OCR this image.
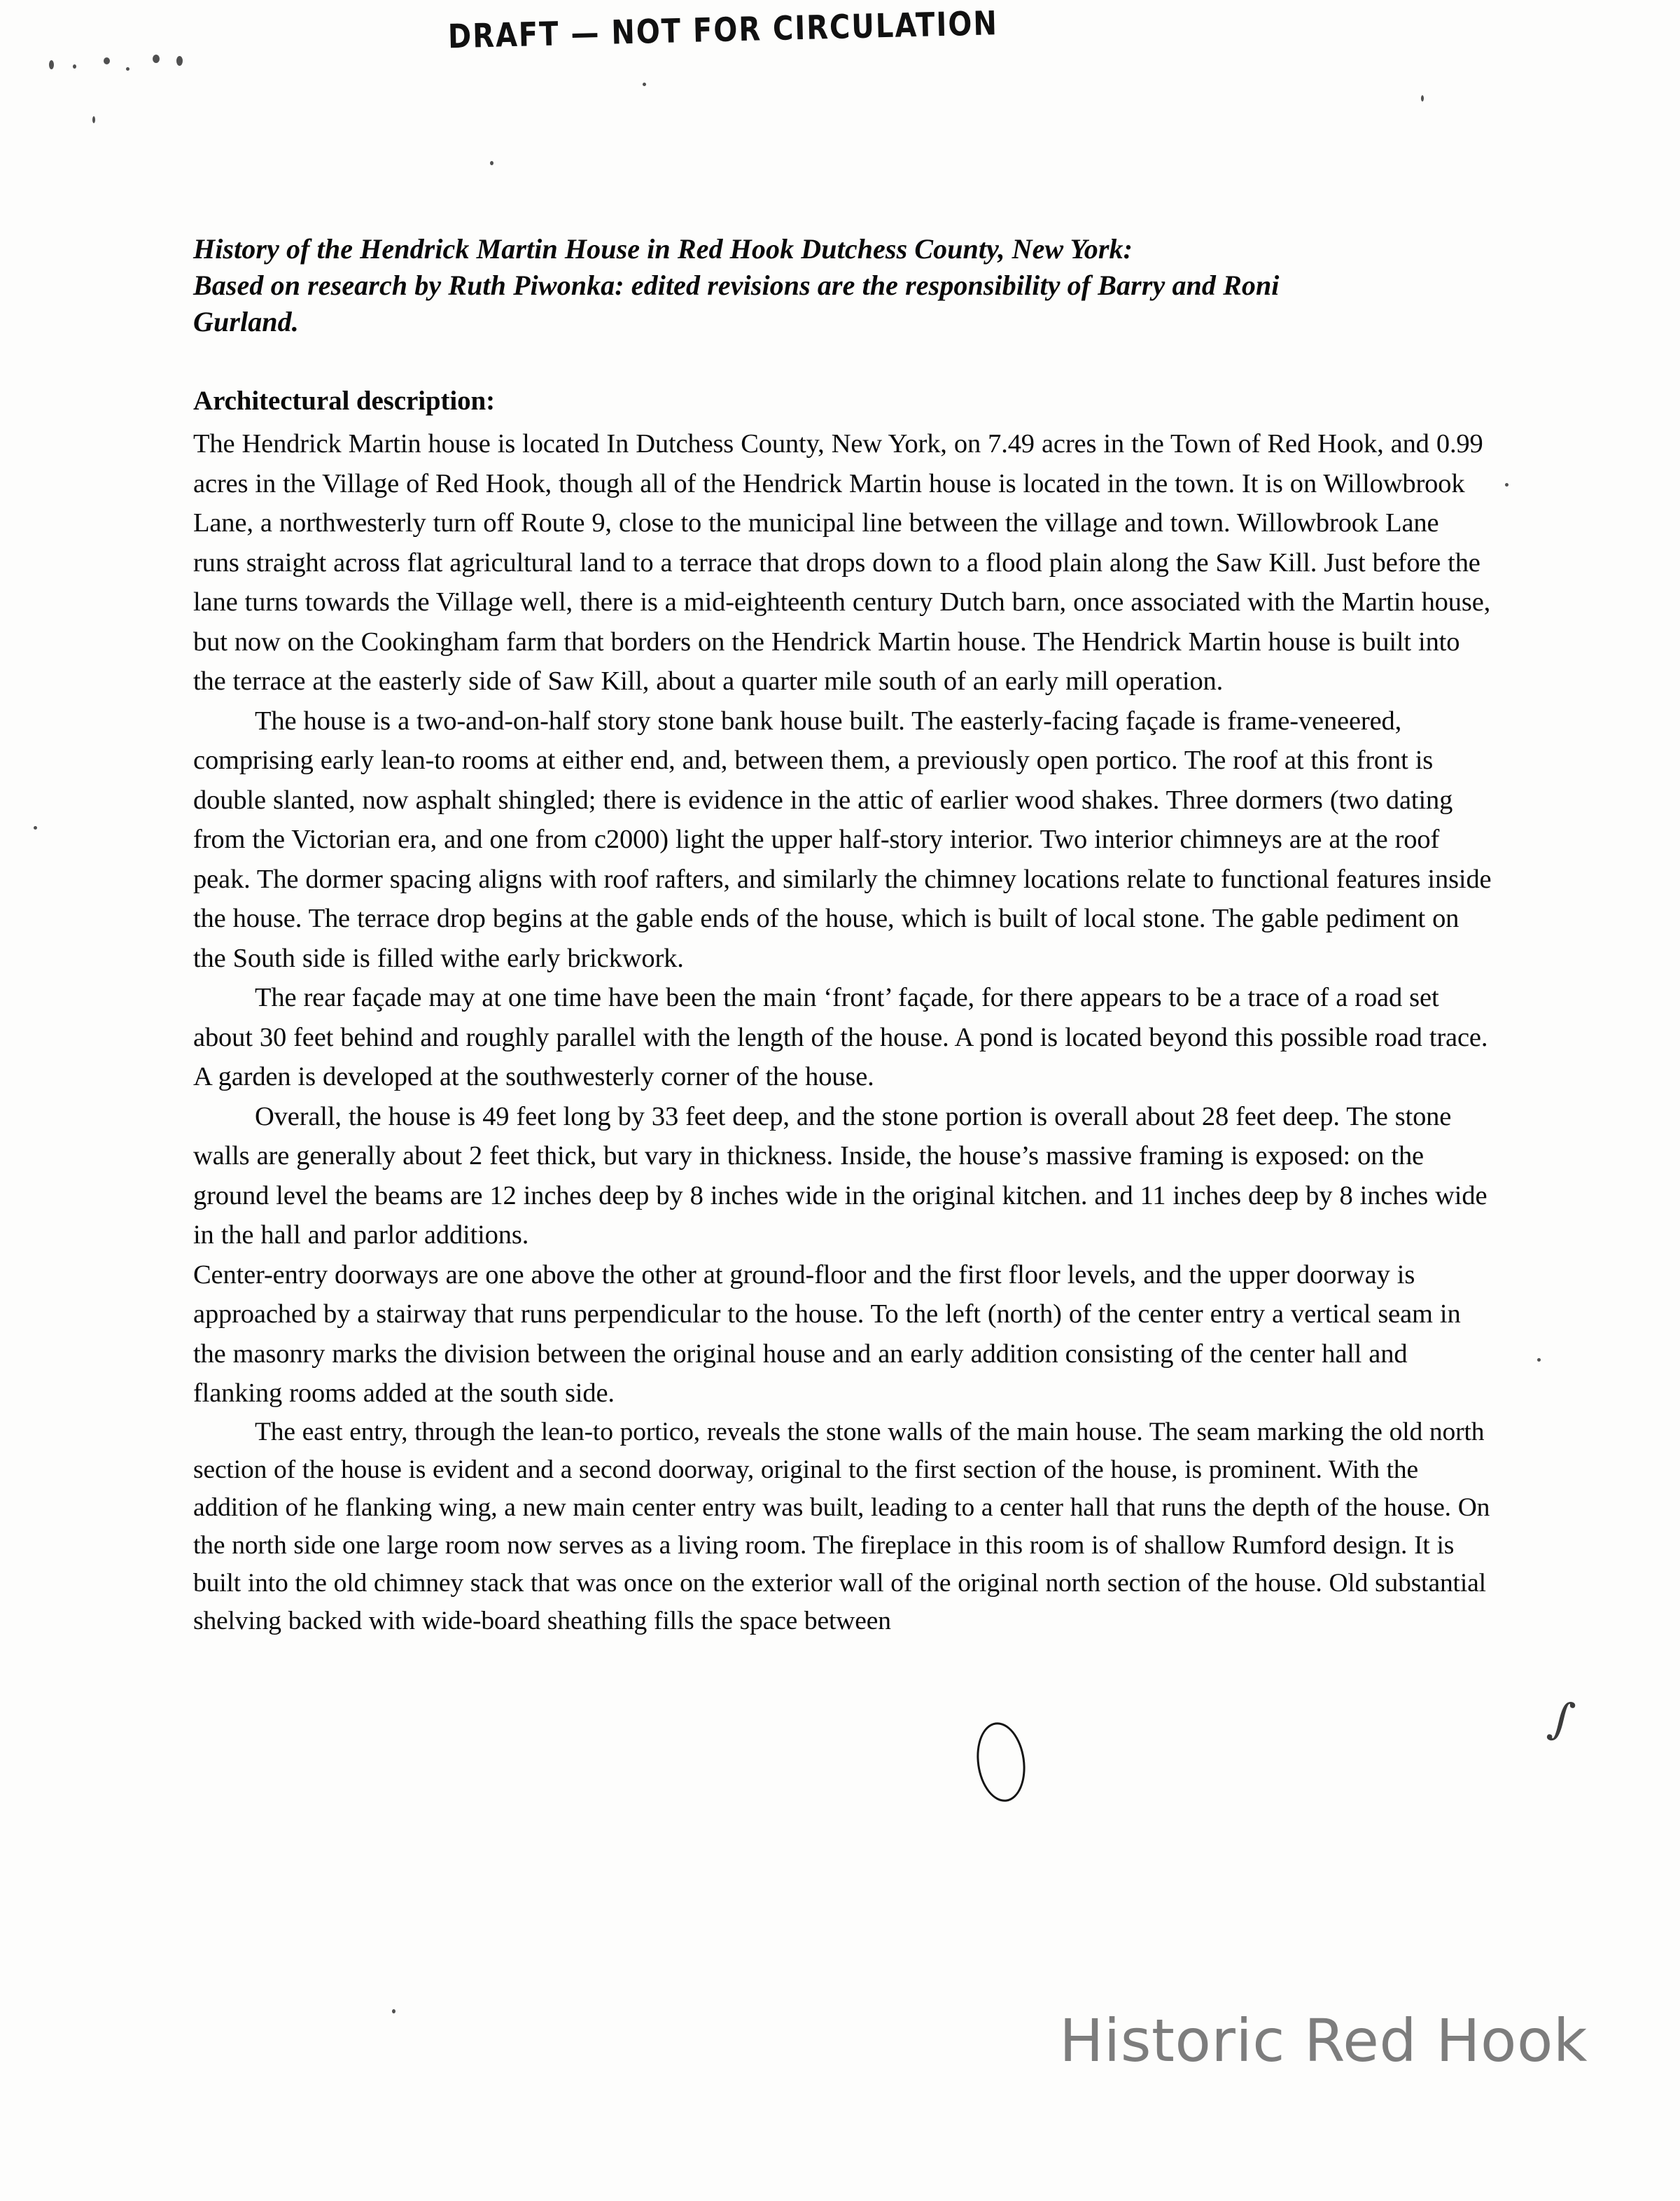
DRAFT — NOT FOR CIRCULATION
History of the Hendrick Martin House in Red Hook Dutchess County, New York:
Based on research by Ruth Piwonka: edited revisions are the responsibility of Barry and Roni
Gurland.
Architectural description:

The Hendrick Martin house is located In Dutchess County, New York, on 7.49 acres in the Town of Red Hook, and 0.99 acres in the Village of Red Hook, though all of the Hendrick Martin house is located in the town. It is on Willowbrook Lane, a northwesterly turn off Route 9, close to the municipal line between the village and town. Willowbrook Lane runs straight across flat agricultural land to a terrace that drops down to a flood plain along the Saw Kill. Just before the lane turns towards the Village well, there is a mid-eighteenth century Dutch barn, once associated with the Martin house, but now on the Cookingham farm that borders on the Hendrick Martin house. The Hendrick Martin house is built into the terrace at the easterly side of Saw Kill, about a quarter mile south of an early mill operation.

The house is a two-and-on-half story stone bank house built. The easterly-facing façade is frame-veneered, comprising early lean-to rooms at either end, and, between them, a previously open portico. The roof at this front is double slanted, now asphalt shingled; there is evidence in the attic of earlier wood shakes. Three dormers (two dating from the Victorian era, and one from c2000) light the upper half-story interior. Two interior chimneys are at the roof peak. The dormer spacing aligns with roof rafters, and similarly the chimney locations relate to functional features inside the house. The terrace drop begins at the gable ends of the house, which is built of local stone. The gable pediment on the South side is filled withe early brickwork.

The rear façade may at one time have been the main ‘front’ façade, for there appears to be a trace of a road set about 30 feet behind and roughly parallel with the length of the house. A pond is located beyond this possible road trace. A garden is developed at the southwesterly corner of the house.

Overall, the house is 49 feet long by 33 feet deep, and the stone portion is overall about 28 feet deep. The stone walls are generally about 2 feet thick, but vary in thickness. Inside, the house’s massive framing is exposed: on the ground level the beams are 12 inches deep by 8 inches wide in the original kitchen. and 11 inches deep by 8 inches wide in the hall and parlor additions.

Center-entry doorways are one above the other at ground-floor and the first floor levels, and the upper doorway is approached by a stairway that runs perpendicular to the house. To the left (north) of the center entry a vertical seam in the masonry marks the division between the original house and an early addition consisting of the center hall and flanking rooms added at the south side.

The east entry, through the lean-to portico, reveals the stone walls of the main house. The seam marking the old north section of the house is evident and a second doorway, original to the first section of the house, is prominent. With the addition of he flanking wing, a new main center entry was built, leading to a center hall that runs the depth of the house. On the north side one large room now serves as a living room. The fireplace in this room is of shallow Rumford design. It is built into the old chimney stack that was once on the exterior wall of the original north section of the house. Old substantial shelving backed with wide-board sheathing fills the space between

∫
Historic Red Hook
